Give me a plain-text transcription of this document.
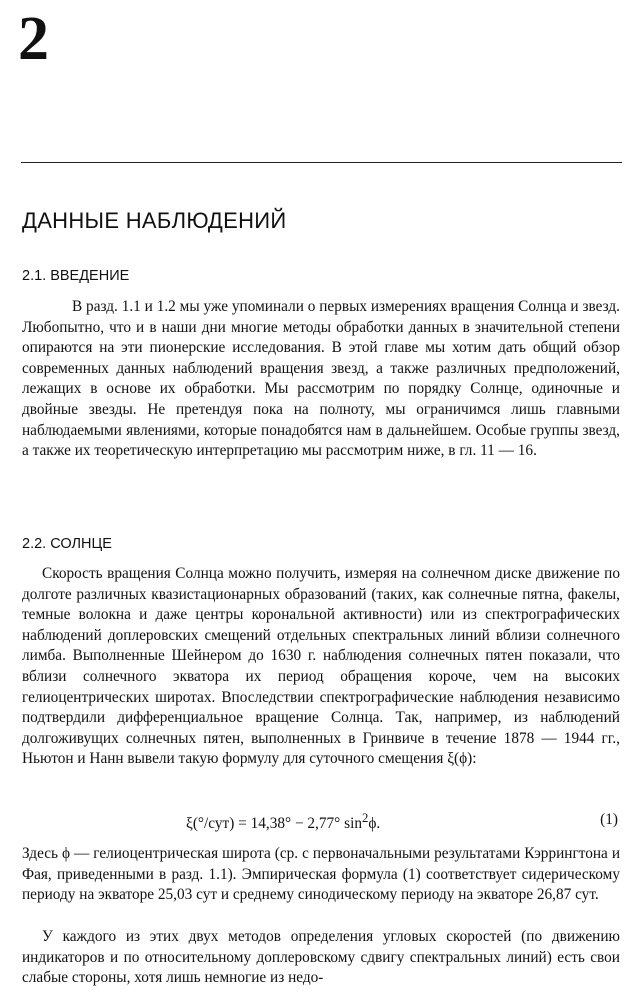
2
ДАННЫЕ НАБЛЮДЕНИЙ
2.1. ВВЕДЕНИЕ

В разд. 1.1 и 1.2 мы уже упоминали о первых измерениях вращения Солнца и звезд. Любопытно, что и в наши дни многие методы обработки данных в значительной степени опираются на эти пионерские исследования. В этой главе мы хотим дать общий обзор современных данных наблюдений вращения звезд, а также различных предположений, лежащих в основе их обработки. Мы рассмотрим по порядку Солнце, одиночные и двойные звезды. Не претендуя пока на полноту, мы ограничимся лишь главными наблюдаемыми явлениями, которые понадобятся нам в дальнейшем. Особые группы звезд, а также их теоретическую интерпретацию мы рассмотрим ниже, в гл. 11 — 16.

2.2. СОЛНЦЕ

Скорость вращения Солнца можно получить, измеряя на солнечном диске движение по долготе различных квазистационарных образований (таких, как солнечные пятна, факелы, темные волокна и даже центры корональной активности) или из спектрографических наблюдений доплеровских смещений отдельных спектральных линий вблизи солнечного лимба. Выполненные Шейнером до 1630 г. наблюдения солнечных пятен показали, что вблизи солнечного экватора их период обращения короче, чем на высоких гелиоцентрических широтах. Впоследствии спектрографические наблюдения независимо подтвердили дифференциальное вращение Солнца. Так, например, из наблюдений долгоживущих солнечных пятен, выполненных в Гринвиче в течение 1878 — 1944 гг., Ньютон и Нанн вывели такую формулу для суточного смещения ξ(ϕ):

ξ(°/сут) = 14,38° − 2,77° $\sin^2\phi$.	(1)

Здесь ϕ — гелиоцентрическая широта (ср. с первоначальными результатами Кэррингтона и Фая, приведенными в разд. 1.1). Эмпирическая формула (1) соответствует сидерическому периоду на экваторе 25,03 сут и среднему синодическому периоду на экваторе 26,87 сут.

У каждого из этих двух методов определения угловых скоростей (по движению индикаторов и по относительному доплеровскому сдвигу спектральных линий) есть свои слабые стороны, хотя лишь немногие из недо-
